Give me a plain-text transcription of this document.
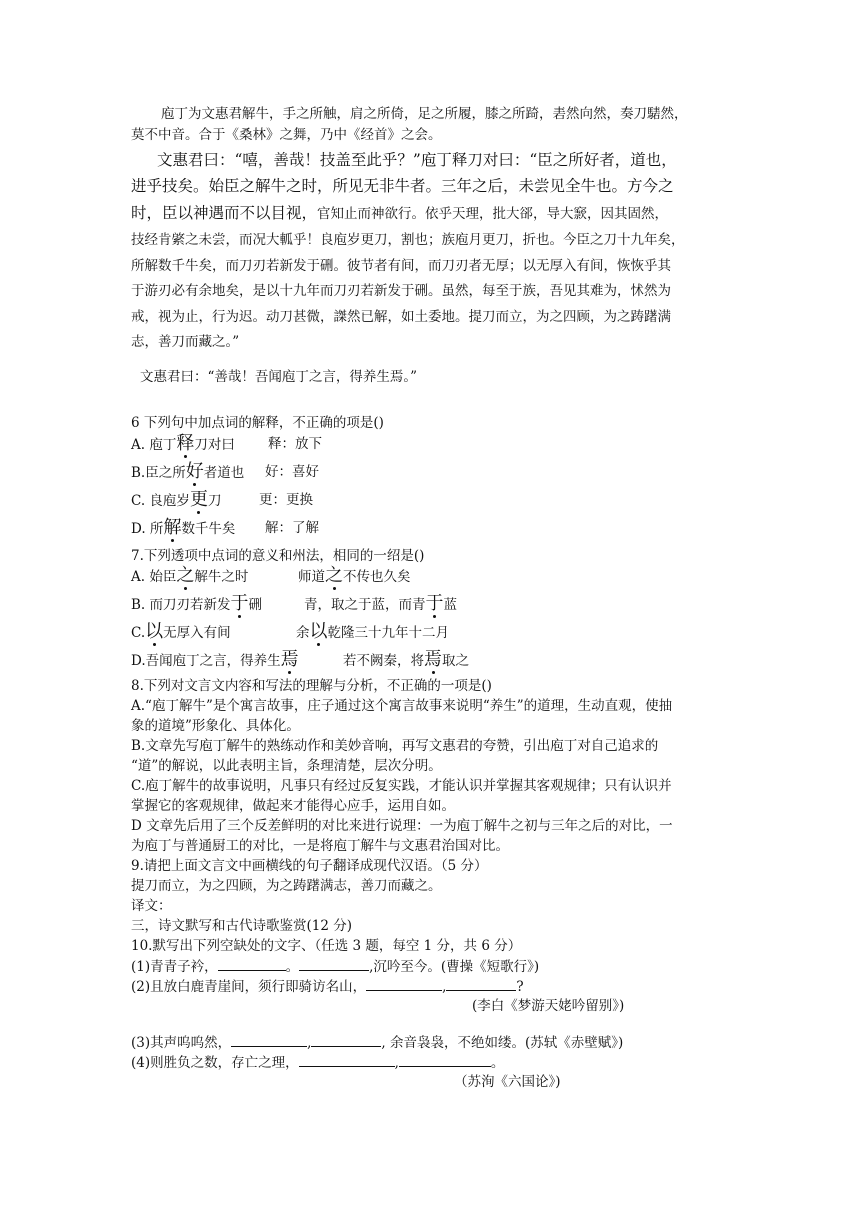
庖丁为文惠君解牛，手之所触，肩之所倚，足之所履，膝之所踦，砉然向然，奏刀騞然，
莫不中音。合于《桑林》之舞，乃中《经首》之会。
文惠君曰：“嘻，善哉！技盖至此乎？”庖丁释刀对曰：“臣之所好者，道也，
进乎技矣。始臣之解牛之时，所见无非牛者。三年之后，未尝见全牛也。方今之
时，臣以神遇而不以目视，官知止而神欲行。依乎天理，批大郤，导大窾，因其固然，
技经肯綮之未尝，而况大軱乎！良庖岁更刀，割也；族庖月更刀，折也。今臣之刀十九年矣，
所解数千牛矣，而刀刃若新发于硎。彼节者有间，而刀刃者无厚；以无厚入有间，恢恢乎其
于游刃必有余地矣，是以十九年而刀刃若新发于硎。虽然，每至于族，吾见其难为，怵然为
戒，视为止，行为迟。动刀甚微，謋然已解，如土委地。提刀而立，为之四顾，为之踌躇满
志，善刀而藏之。”
文惠君曰：“善哉！吾闻庖丁之言，得养生焉。”
6 下列句中加点词的解释，不正确的项是()
A. 庖丁释刀对曰 释：放下
B.臣之所好者道也 好：喜好
C. 良庖岁更刀	更：更换
D. 所解数千牛矣 解：了解
7.下列透项中点词的意义和州法，相同的一绍是()
A. 始臣之解牛之时	师道之不传也久矣
B. 而刀刃若新发于硎	青，取之于蓝，而青于蓝
C.以无厚入有间	余以乾隆三十九年十二月
D.吾闻庖丁之言，得养生焉	若不阙秦，将焉取之
8.下列对文言文内容和写法的理解与分析，不正确的一项是()
A.“庖丁解牛”是个寓言故事，庄子通过这个寓言故事来说明“养生”的道理，生动直观，使抽
象的道境”形象化、具体化。
B.文章先写庖丁解牛的熟练动作和美妙音响，再写文惠君的夸赞，引出庖丁对自己追求的
“道”的解说，以此表明主旨，条理清楚，层次分明。
C.庖丁解牛的故事说明，凡事只有经过反复实践，才能认识并掌握其客观规律；只有认识并
掌握它的客观规律，做起来才能得心应手，运用自如。
D 文章先后用了三个反差鲜明的对比来进行说理：一为庖丁解牛之初与三年之后的对比，一
为庖丁与普通厨工的对比，一是将庖丁解牛与文惠君治国对比。
9.请把上面文言文中画横线的句子翻译成现代汉语。（5 分）
提刀而立，为之四顾，为之踌躇满志，善刀而藏之。
译文：
三，诗文默写和古代诗歌鉴赏(12 分)
10.默写出下列空缺处的文字、（任选 3 题，每空 1 分，共 6 分）
(1)青青子衿，	。	,沉吟至今。(曹操《短歌行》)
(2)且放白鹿青崖间，须行即骑访名山，	,	?
(李白《梦游天姥吟留别》)
(3)其声呜呜然，	,	, 余音袅袅，不绝如缕。(苏轼《赤壁赋》)
(4)则胜负之数，存亡之理，	,	。
（苏洵《六国论》)
